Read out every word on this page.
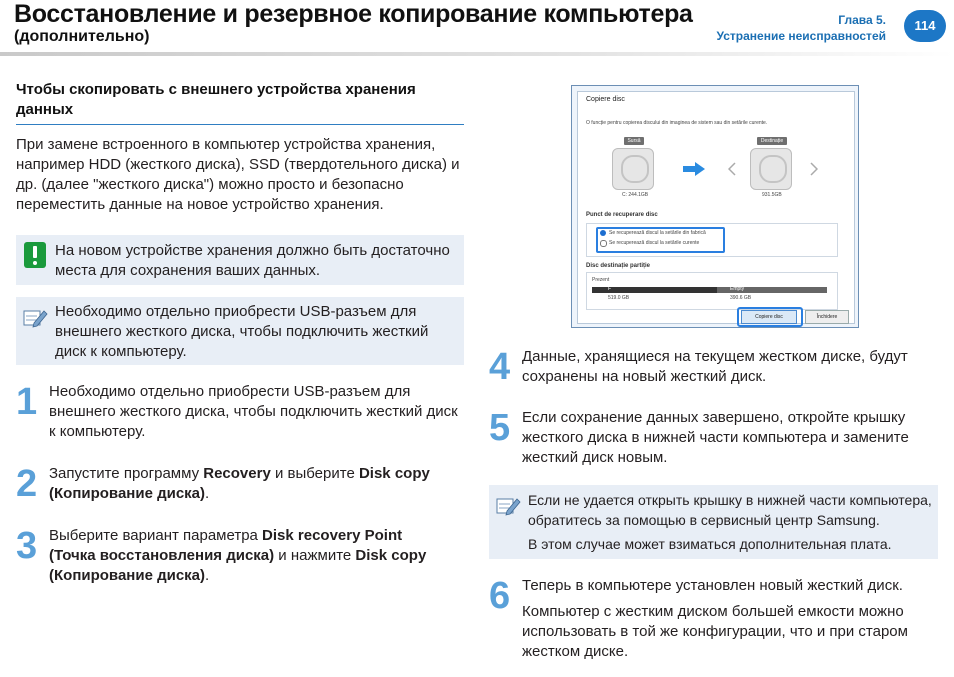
Восстановление и резервное копирование компьютера
(дополнительно)
Глава 5.
Устранение неисправностей
114
Чтобы скопировать с внешнего устройства хранения данных
При замене встроенного в компьютер устройства хранения, например HDD (жесткого диска), SSD (твердотельного диска) и др. (далее "жесткого диска") можно просто и безопасно переместить данные на новое устройство хранения.
На новом устройстве хранения должно быть достаточно места для сохранения ваших данных.
Необходимо отдельно приобрести USB-разъем для внешнего жесткого диска, чтобы подключить жесткий диск к компьютеру.
1 Необходимо отдельно приобрести USB-разъем для внешнего жесткого диска, чтобы подключить жесткий диск к компьютеру.
2 Запустите программу Recovery и выберите Disk copy (Копирование диска).
3 Выберите вариант параметра Disk recovery Point (Точка восстановления диска) и нажмите Disk copy (Копирование диска).
Copiere disc
O funcție pentru copierea discului din imaginea de sistem sau din setările curente.
Sursă
C: 244.1GB
Destinație
931.5GB
Punct de recuperare disc
Se recuperează discul la setările din fabrică
Se recuperează discul la setările curente
Disc destinație partiție
Prezent
F	Empty
519.0 GB	390.6 GB
Copiere disc	Închidere
4 Данные, хранящиеся на текущем жестком диске, будут сохранены на новый жесткий диск.
5 Если сохранение данных завершено, откройте крышку жесткого диска в нижней части компьютера и замените жесткий диск новым.
Если не удается открыть крышку в нижней части компьютера, обратитесь за помощью в сервисный центр Samsung.
В этом случае может взиматься дополнительная плата.
6 Теперь в компьютере установлен новый жесткий диск.
Компьютер с жестким диском большей емкости можно использовать в той же конфигурации, что и при старом жестком диске.
